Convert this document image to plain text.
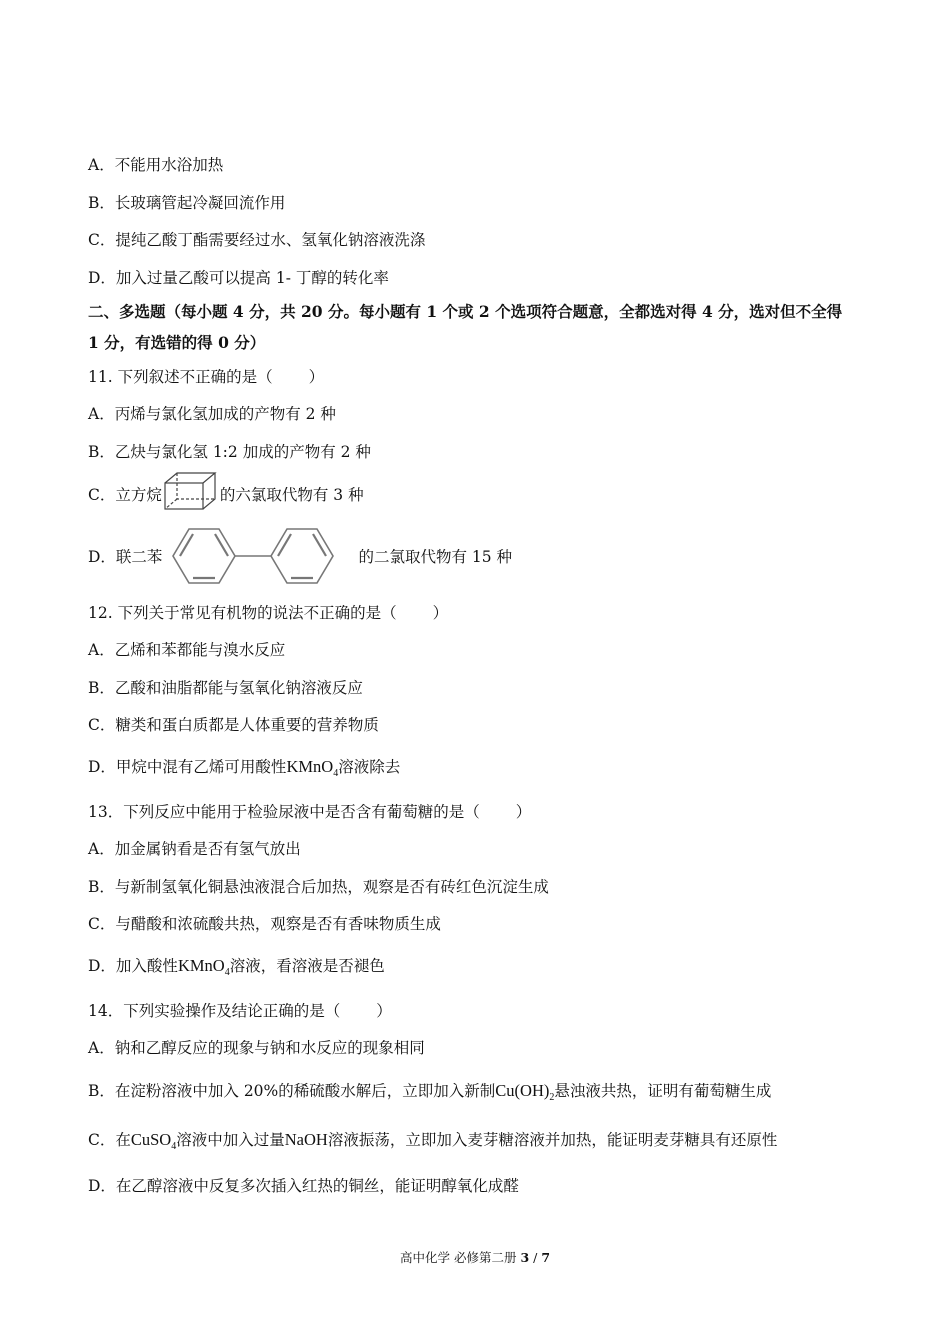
A．不能用水浴加热
B．长玻璃管起冷凝回流作用
C．提纯乙酸丁酯需要经过水、氢氧化钠溶液洗涤
D．加入过量乙酸可以提高 1- 丁醇的转化率
二、多选题（每小题 4 分，共 20 分。每小题有 1 个或 2 个选项符合题意，全都选对得 4 分，选对但不全得
1 分，有选错的得 0 分）
11. 下列叙述不正确的是（ ）
A．丙烯与氯化氢加成的产物有 2 种
B．乙炔与氯化氢 1:2 加成的产物有 2 种
C．立方烷	的六氯取代物有 3 种
D．联二苯	的二氯取代物有 15 种
12. 下列关于常见有机物的说法不正确的是（ ）
A．乙烯和苯都能与溴水反应
B．乙酸和油脂都能与氢氧化钠溶液反应
C．糖类和蛋白质都是人体重要的营养物质
D．甲烷中混有乙烯可用酸性KMnO$_4$溶液除去
13．下列反应中能用于检验尿液中是否含有葡萄糖的是（ ）
A．加金属钠看是否有氢气放出
B．与新制氢氧化铜悬浊液混合后加热，观察是否有砖红色沉淀生成
C．与醋酸和浓硫酸共热，观察是否有香味物质生成
D．加入酸性KMnO$_4$溶液，看溶液是否褪色
14．下列实验操作及结论正确的是（ ）
A．钠和乙醇反应的现象与钠和水反应的现象相同
B．在淀粉溶液中加入 20%的稀硫酸水解后，立即加入新制$Cu(OH)_2$悬浊液共热，证明有葡萄糖生成
C．在CuSO$_4$溶液中加入过量NaOH溶液振荡，立即加入麦芽糖溶液并加热，能证明麦芽糖具有还原性
D．在乙醇溶液中反复多次插入红热的铜丝，能证明醇氧化成醛
高中化学 必修第二册 3 / 7
